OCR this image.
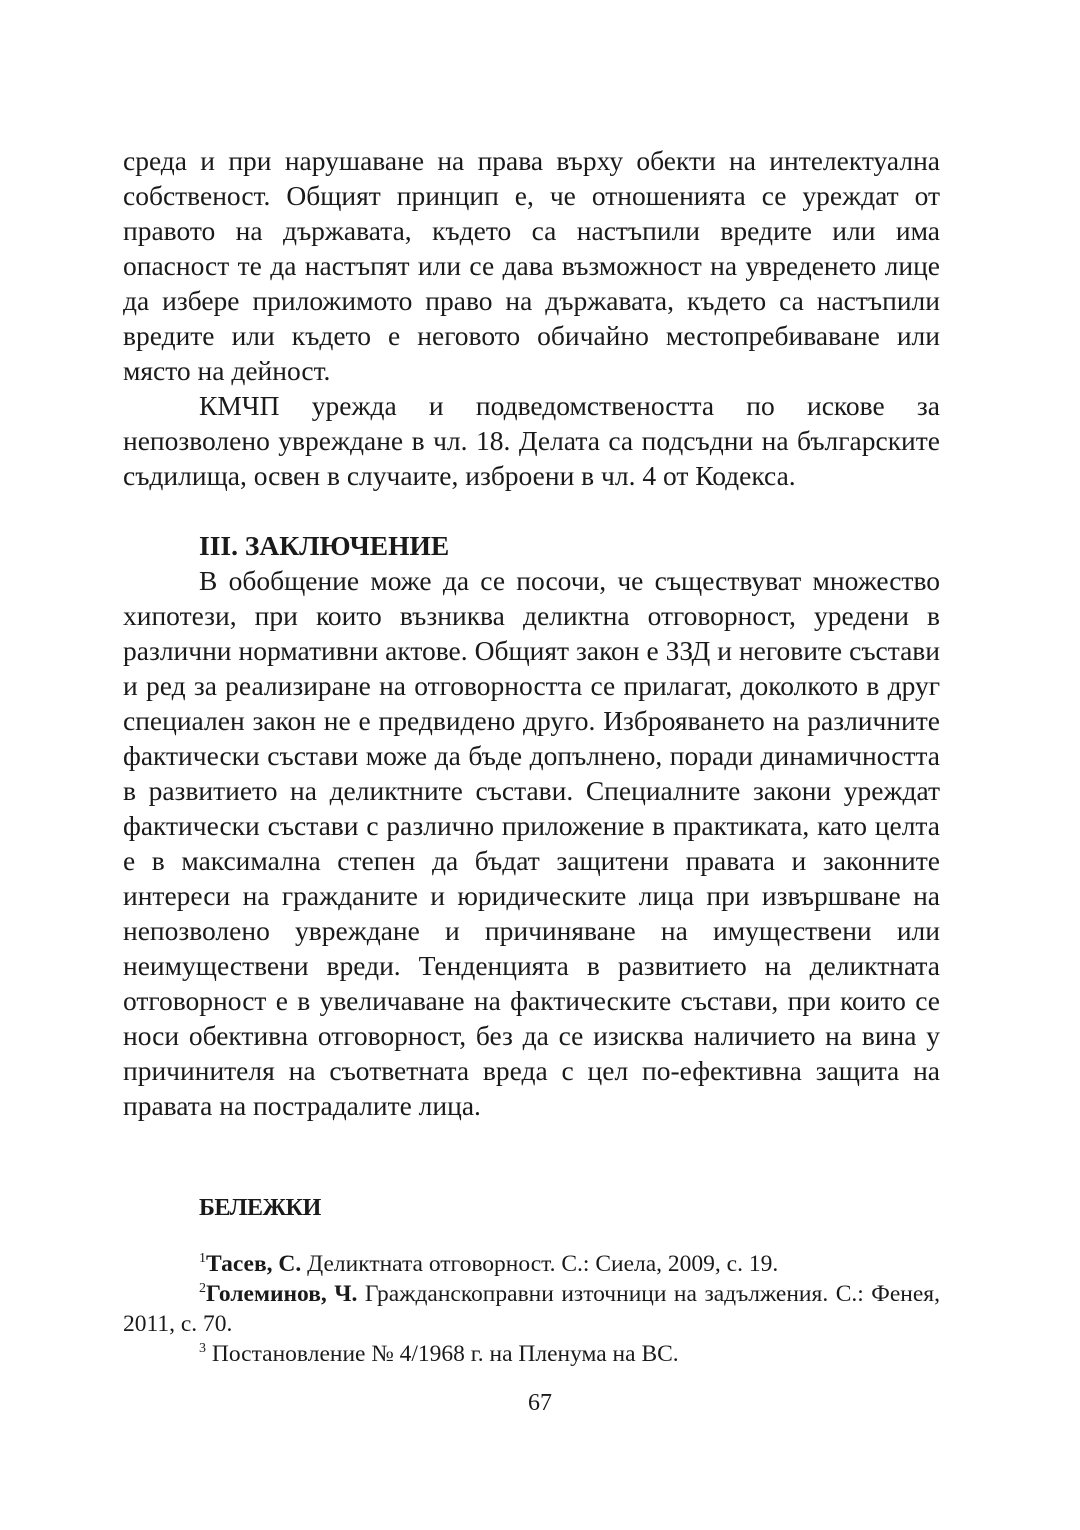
среда и при нарушаване на права върху обекти на интелектуална собственост. Общият принцип е, че отношенията се уреждат от правото на държавата, където са настъпили вредите или има опасност те да настъпят или се дава възможност на увреденето лице да избере приложимото право на държавата, където са настъпили вредите или където е неговото обичайно местопребиваване или място на дейност.

КМЧП урежда и подведомствеността по искове за непозволено увреждане в чл. 18. Делата са подсъдни на българските съдилища, освен в случаите, изброени в чл. 4 от Кодекса.

III. ЗАКЛЮЧЕНИЕ

В обобщение може да се посочи, че съществуват множество хипотези, при които възниква деликтна отговорност, уредени в различни нормативни актове. Общият закон е ЗЗД и неговите състави и ред за реализиране на отговорността се прилагат, доколкото в друг специален закон не е предвидено друго. Изброяването на различните фактически състави може да бъде допълнено, поради динамичността в развитието на деликтните състави. Специалните закони уреждат фактически състави с различно приложение в практиката, като целта е в максимална степен да бъдат защитени правата и законните интереси на гражданите и юридическите лица при извършване на непозволено увреждане и причиняване на имуществени или неимуществени вреди. Тенденцията в развитието на деликтната отговорност е в увеличаване на фактическите състави, при които се носи обективна отговорност, без да се изисква наличието на вина у причинителя на съответната вреда с цел по-ефективна защита на правата на пострадалите лица.

БЕЛЕЖКИ

$^1$Тасев, С. Деликтната отговорност. С.: Сиела, 2009, с. 19.

$^2$Големинов, Ч. Гражданскоправни източници на задължения. С.: Фенея, 2011, с. 70.

$^3$ Постановление № 4/1968 г. на Пленума на ВС.

67
